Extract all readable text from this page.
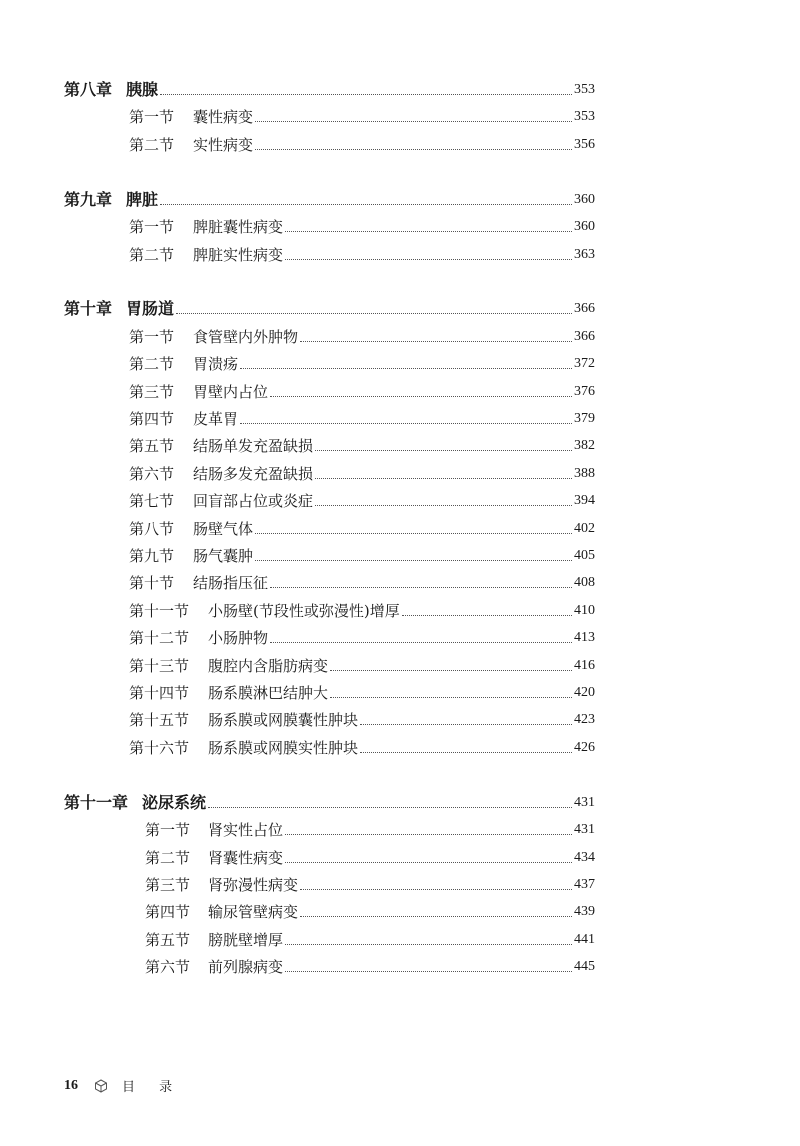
第八章 胰腺	353
第一节	囊性病变	353
第二节	实性病变	356
第九章 脾脏	360
第一节	脾脏囊性病变	360
第二节	脾脏实性病变	363
第十章 胃肠道	366
第一节	食管壁内外肿物	366
第二节	胃溃疡	372
第三节	胃壁内占位	376
第四节	皮革胃	379
第五节	结肠单发充盈缺损	382
第六节	结肠多发充盈缺损	388
第七节	回盲部占位或炎症	394
第八节	肠壁气体	402
第九节	肠气囊肿	405
第十节	结肠指压征	408
第十一节	小肠壁(节段性或弥漫性)增厚	410
第十二节	小肠肿物	413
第十三节	腹腔内含脂肪病变	416
第十四节	肠系膜淋巴结肿大	420
第十五节	肠系膜或网膜囊性肿块	423
第十六节	肠系膜或网膜实性肿块	426
第十一章 泌尿系统	431
第一节	肾实性占位	431
第二节	肾囊性病变	434
第三节	肾弥漫性病变	437
第四节	输尿管壁病变	439
第五节	膀胱壁增厚	441
第六节	前列腺病变	445
16	目 录
